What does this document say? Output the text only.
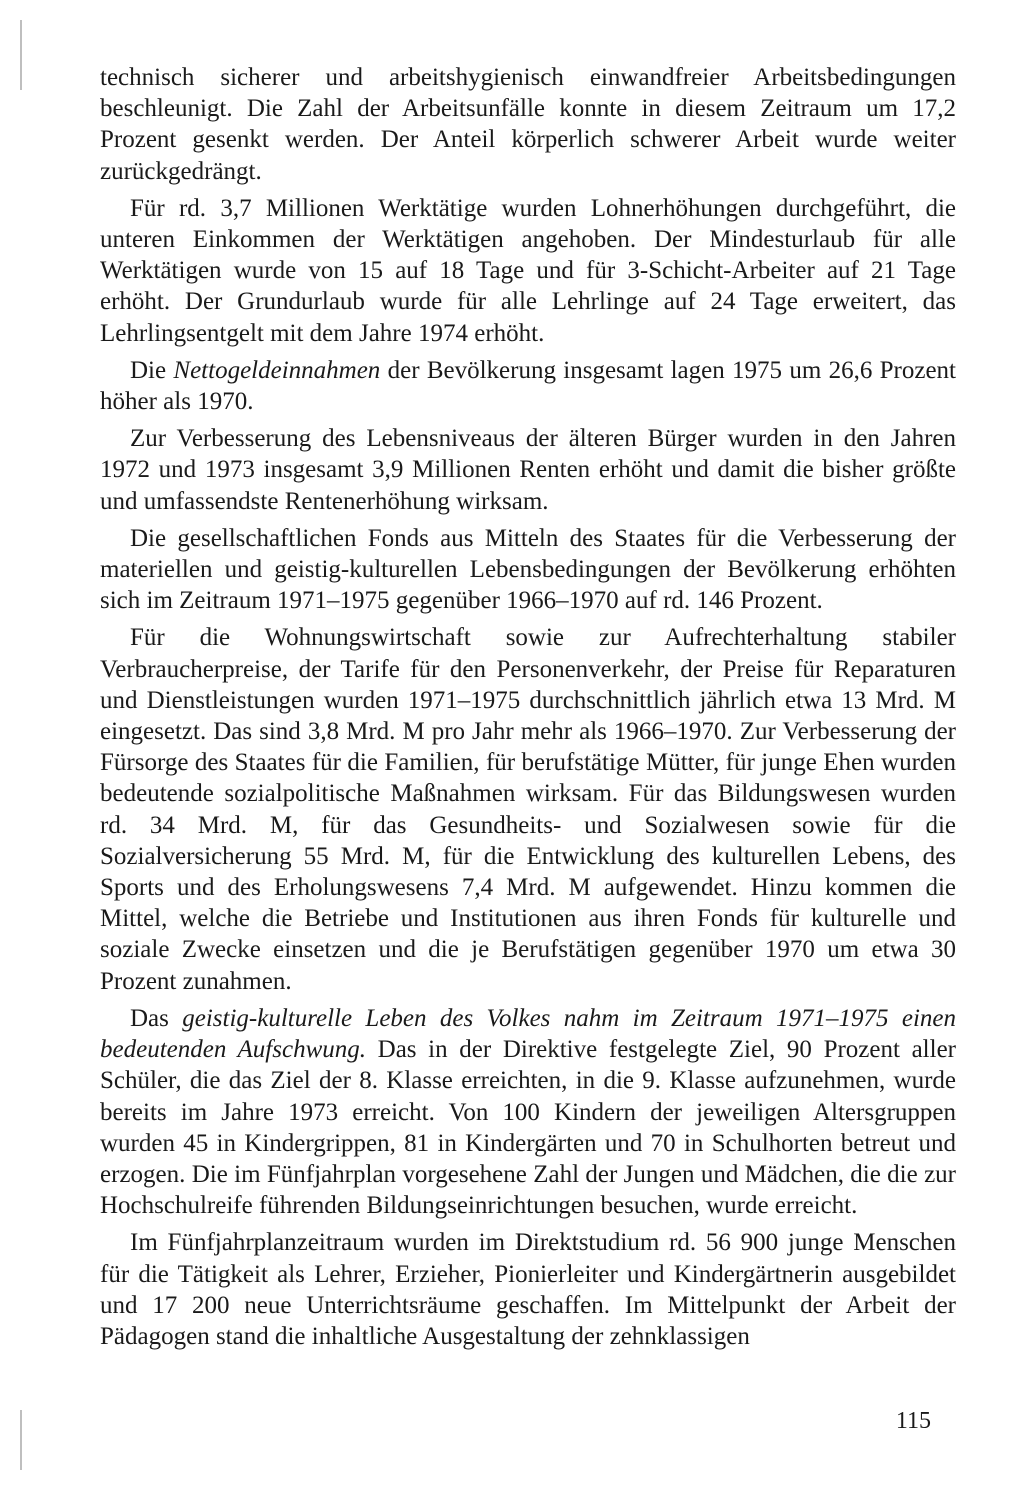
technisch sicherer und arbeitshygienisch einwandfreier Arbeitsbedingungen beschleunigt. Die Zahl der Arbeitsunfälle konnte in diesem Zeitraum um 17,2 Prozent gesenkt werden. Der Anteil körperlich schwerer Arbeit wurde weiter zurückgedrängt.

Für rd. 3,7 Millionen Werktätige wurden Lohnerhöhungen durchgeführt, die unteren Einkommen der Werktätigen angehoben. Der Mindesturlaub für alle Werktätigen wurde von 15 auf 18 Tage und für 3-Schicht-Arbeiter auf 21 Tage erhöht. Der Grundurlaub wurde für alle Lehrlinge auf 24 Tage erweitert, das Lehrlingsentgelt mit dem Jahre 1974 erhöht.

Die Nettogeldeinnahmen der Bevölkerung insgesamt lagen 1975 um 26,6 Prozent höher als 1970.

Zur Verbesserung des Lebensniveaus der älteren Bürger wurden in den Jahren 1972 und 1973 insgesamt 3,9 Millionen Renten erhöht und damit die bisher größte und umfassendste Rentenerhöhung wirksam.

Die gesellschaftlichen Fonds aus Mitteln des Staates für die Verbesserung der materiellen und geistig-kulturellen Lebensbedingungen der Bevölkerung erhöhten sich im Zeitraum 1971–1975 gegenüber 1966–1970 auf rd. 146 Prozent.

Für die Wohnungswirtschaft sowie zur Aufrechterhaltung stabiler Verbraucherpreise, der Tarife für den Personenverkehr, der Preise für Reparaturen und Dienstleistungen wurden 1971–1975 durchschnittlich jährlich etwa 13 Mrd. M eingesetzt. Das sind 3,8 Mrd. M pro Jahr mehr als 1966–1970. Zur Verbesserung der Fürsorge des Staates für die Familien, für berufstätige Mütter, für junge Ehen wurden bedeutende sozialpolitische Maßnahmen wirksam. Für das Bildungswesen wurden rd. 34 Mrd. M, für das Gesundheits- und Sozialwesen sowie für die Sozialversicherung 55 Mrd. M, für die Entwicklung des kulturellen Lebens, des Sports und des Erholungswesens 7,4 Mrd. M aufgewendet. Hinzu kommen die Mittel, welche die Betriebe und Institutionen aus ihren Fonds für kulturelle und soziale Zwecke einsetzen und die je Berufstätigen gegenüber 1970 um etwa 30 Prozent zunahmen.

Das geistig-kulturelle Leben des Volkes nahm im Zeitraum 1971–1975 einen bedeutenden Aufschwung. Das in der Direktive festgelegte Ziel, 90 Prozent aller Schüler, die das Ziel der 8. Klasse erreichten, in die 9. Klasse aufzunehmen, wurde bereits im Jahre 1973 erreicht. Von 100 Kindern der jeweiligen Altersgruppen wurden 45 in Kindergrippen, 81 in Kindergärten und 70 in Schulhorten betreut und erzogen. Die im Fünfjahrplan vorgesehene Zahl der Jungen und Mädchen, die die zur Hochschulreife führenden Bildungseinrichtungen besuchen, wurde erreicht.

Im Fünfjahrplanzeitraum wurden im Direktstudium rd. 56 900 junge Menschen für die Tätigkeit als Lehrer, Erzieher, Pionierleiter und Kindergärtnerin ausgebildet und 17 200 neue Unterrichtsräume geschaffen. Im Mittelpunkt der Arbeit der Pädagogen stand die inhaltliche Ausgestaltung der zehnklassigen

115
